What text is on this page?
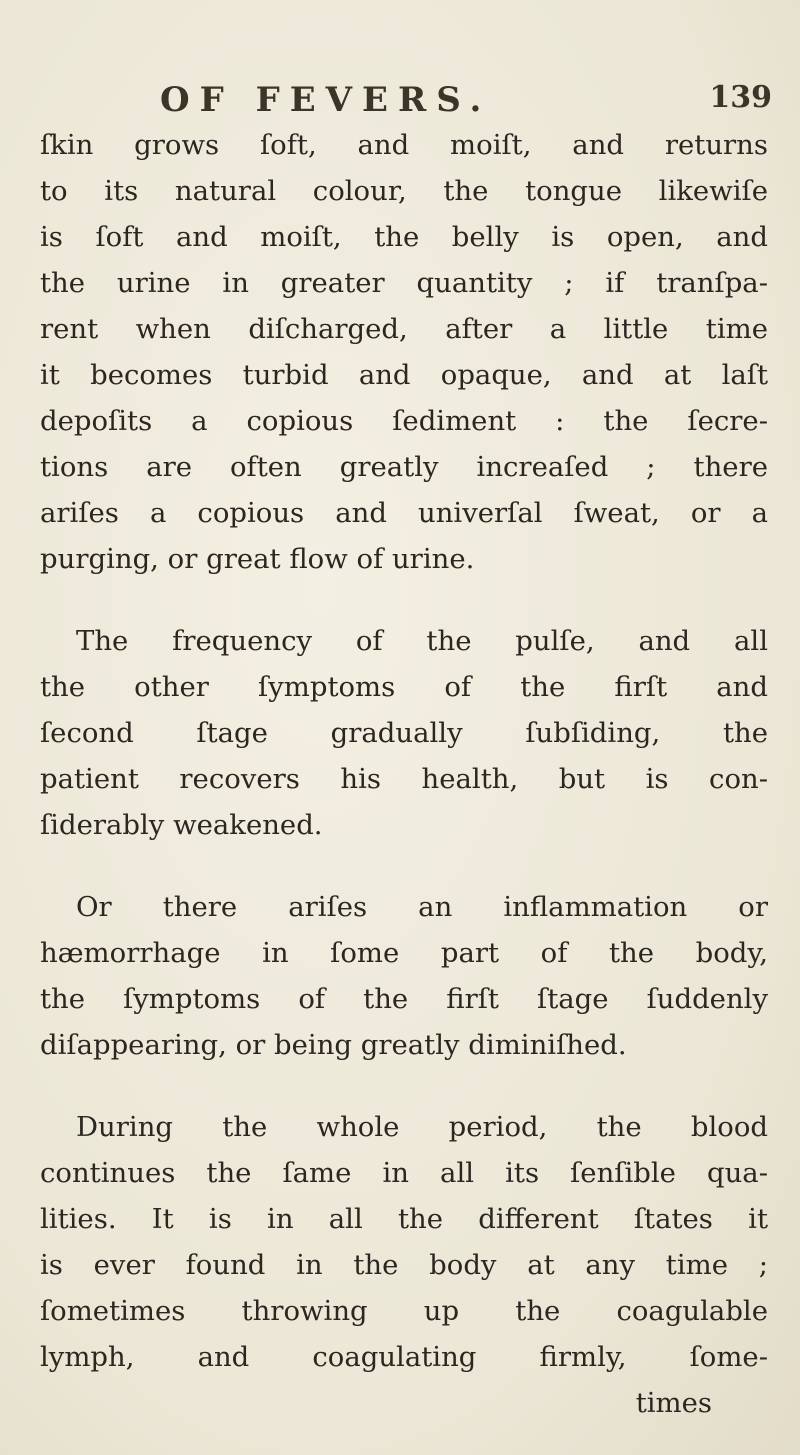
OF FEVERS.	139

ſkin grows ſoft, and moiſt, and returns
to its natural colour, the tongue likewiſe
is ſoft and moiſt, the belly is open, and
the urine in greater quantity ; if tranſpa-
rent when diſcharged, after a little time
it becomes turbid and opaque, and at laſt
depoſits a copious ſediment : the ſecre-
tions are often greatly increaſed ; there
ariſes a copious and univerſal ſweat, or a
purging, or great flow of urine.

The frequency of the pulſe, and all
the other ſymptoms of the firſt and
ſecond ſtage gradually ſubſiding, the
patient recovers his health, but is con-
ſiderably weakened.

Or there ariſes an inflammation or
hæmorrhage in ſome part of the body,
the ſymptoms of the firſt ſtage ſuddenly
diſappearing, or being greatly diminiſhed.

During the whole period, the blood
continues the ſame in all its ſenſible qua-
lities. It is in all the different ſtates it
is ever found in the body at any time ;
ſometimes throwing up the coagulable
lymph, and coagulating firmly, ſome-

times
